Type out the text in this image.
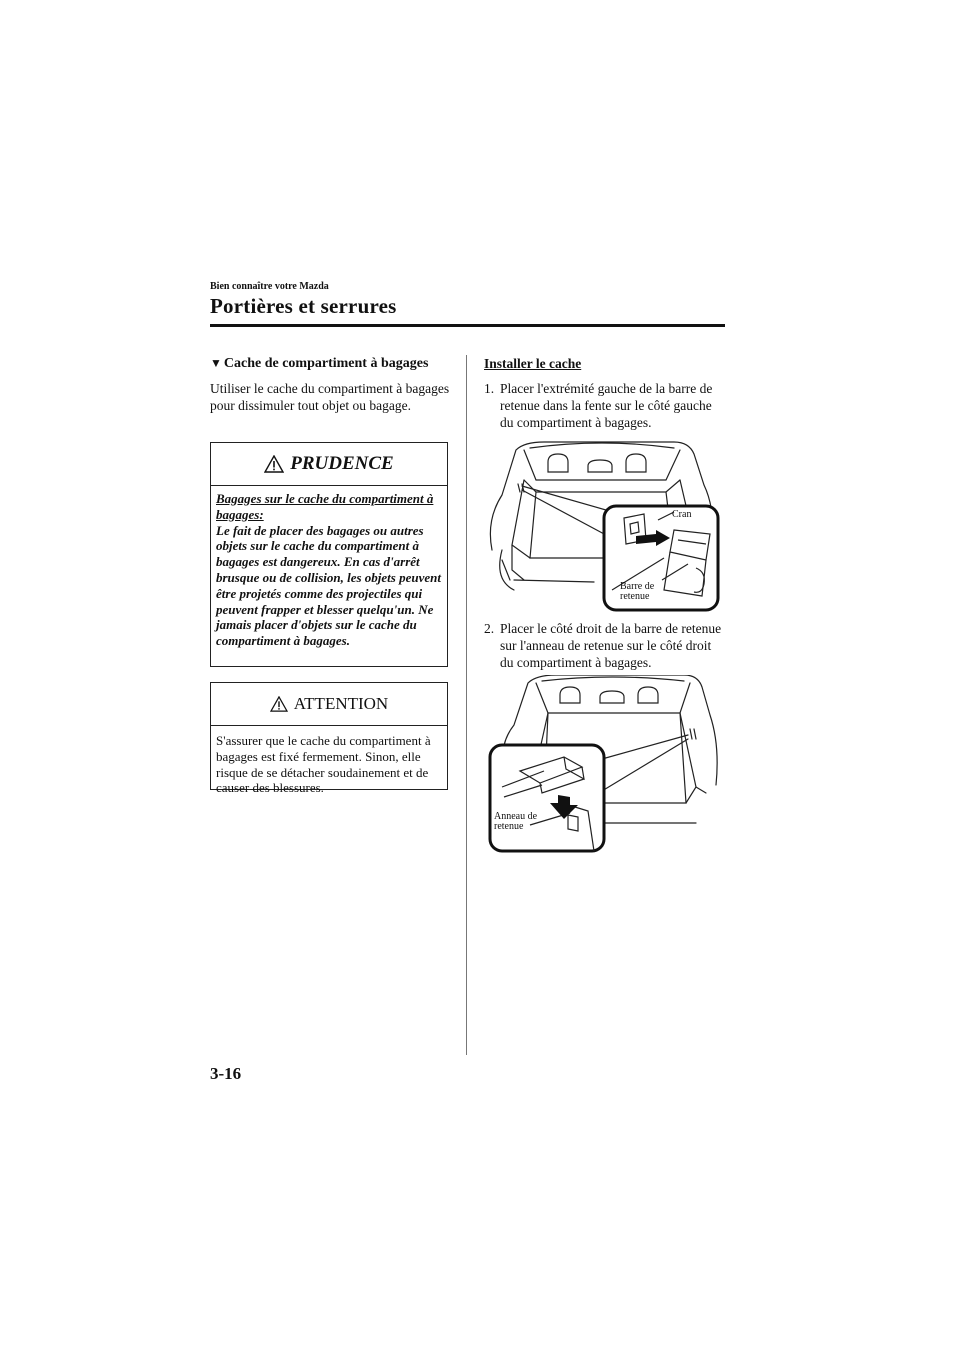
Bien connaître votre Mazda
Portières et serrures
▼ Cache de compartiment à bagages
Utiliser le cache du compartiment à bagages pour dissimuler tout objet ou bagage.
PRUDENCE
Bagages sur le cache du compartiment à bagages:
Le fait de placer des bagages ou autres objets sur le cache du compartiment à bagages est dangereux. En cas d'arrêt brusque ou de collision, les objets peuvent être projetés comme des projectiles qui peuvent frapper et blesser quelqu'un. Ne jamais placer d'objets sur le cache du compartiment à bagages.
ATTENTION
S'assurer que le cache du compartiment à bagages est fixé fermement. Sinon, elle risque de se détacher soudainement et de causer des blessures.
Installer le cache
1. Placer l'extrémité gauche de la barre de retenue dans la fente sur le côté gauche du compartiment à bagages.
Cran
Barre de
retenue
2. Placer le côté droit de la barre de retenue sur l'anneau de retenue sur le côté droit du compartiment à bagages.
Anneau de
retenue
3-16
